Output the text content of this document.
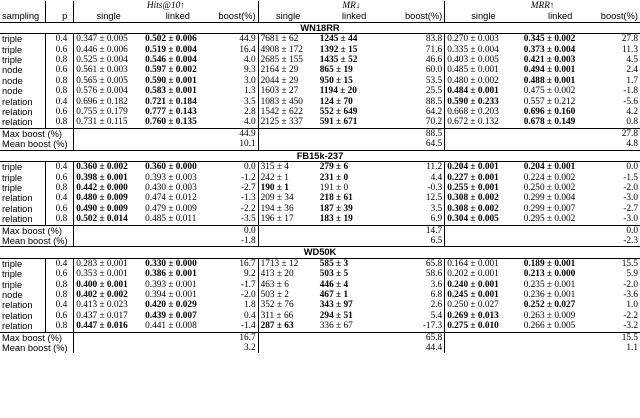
		Hits@10↑			MR↓			MRR↑		
sampling	p	single	linked	boost(%)	single	linked	boost(%)	single	linked	boost(%)
WN18RR										
triple	0.4	0.347 ± 0.005	0.502 ± 0.006	44.9	7681 ± 62	1245 ± 44	83.8	0.270 ± 0.003	0.345 ± 0.002	27.8
triple	0.6	0.446 ± 0.006	0.519 ± 0.004	16.4	4908 ± 172	1392 ± 15	71.6	0.335 ± 0.004	0.373 ± 0.004	11.3
triple	0.8	0.525 ± 0.004	0.546 ± 0.004	4.0	2685 ± 155	1435 ± 52	46.6	0.403 ± 0.005	0.421 ± 0.003	4.5
node	0.6	0.561 ± 0.003	0.597 ± 0.002	9.3	2164 ± 29	865 ± 19	60.0	0.485 ± 0.001	0.494 ± 0.001	2.4
node	0.8	0.565 ± 0.005	0.590 ± 0.001	3.0	2044 ± 29	950 ± 15	53.5	0.480 ± 0.002	0.488 ± 0.001	1.7
node	0.8	0.576 ± 0.004	0.583 ± 0.001	1.3	1603 ± 27	1194 ± 20	25.5	0.484 ± 0.001	0.475 ± 0.002	-1.8
relation	0.4	0.696 ± 0.182	0.721 ± 0.184	3.5	1083 ± 450	124 ± 70	88.5	0.590 ± 0.233	0.557 ± 0.212	-5.6
relation	0.6	0.755 ± 0.179	0.777 ± 0.143	2.8	1542 ± 622	552 ± 649	64.2	0.668 ± 0.203	0.696 ± 0.160	4.2
relation	0.8	0.731 ± 0.115	0.760 ± 0.135	4.0	2125 ± 337	591 ± 671	70.2	0.672 ± 0.132	0.678 ± 0.149	0.8
Max boost (%)				44.9			88.5			27.8
Mean boost (%)				10.1			64.5			4.8
FB15k-237										
triple	0.4	0.360 ± 0.002	0.360 ± 0.000	0.0	315 ± 4	279 ± 6	11.2	0.204 ± 0.001	0.204 ± 0.001	0.0
triple	0.6	0.398 ± 0.001	0.393 ± 0.003	-1.2	242 ± 1	231 ± 0	4.4	0.227 ± 0.001	0.224 ± 0.002	-1.5
triple	0.8	0.442 ± 0.000	0.430 ± 0.003	-2.7	190 ± 1	191 ± 0	-0.3	0.255 ± 0.001	0.250 ± 0.002	-2.0
relation	0.4	0.480 ± 0.009	0.474 ± 0.012	-1.3	209 ± 34	218 ± 61	12.5	0.308 ± 0.002	0.299 ± 0.004	-3.0
relation	0.6	0.490 ± 0.009	0.479 ± 0.009	-2.2	194 ± 36	187 ± 39	3.5	0.308 ± 0.002	0.299 ± 0.007	-2.7
relation	0.8	0.502 ± 0.014	0.485 ± 0.011	-3.5	196 ± 17	183 ± 19	6.9	0.304 ± 0.005	0.295 ± 0.002	-3.0
Max boost (%)				0.0			14.7			0.0
Mean boost (%)				-1.8			6.5			-2.3
WD50K										
triple	0.4	0.283 ± 0.001	0.330 ± 0.000	16.7	1713 ± 12	585 ± 3	65.8	0.164 ± 0.001	0.189 ± 0.001	15.5
triple	0.6	0.353 ± 0.001	0.386 ± 0.001	9.2	413 ± 20	503 ± 5	58.6	0.202 ± 0.001	0.213 ± 0.000	5.9
triple	0.8	0.400 ± 0.001	0.393 ± 0.001	-1.7	463 ± 6	446 ± 4	3.6	0.240 ± 0.001	0.235 ± 0.001	-2.0
node	0.8	0.402 ± 0.002	0.394 ± 0.001	-2.0	503 ± 2	467 ± 1	6.8	0.245 ± 0.001	0.236 ± 0.001	-3.6
relation	0.4	0.413 ± 0.023	0.420 ± 0.029	1.8	352 ± 76	343 ± 97	2.6	0.250 ± 0.027	0.252 ± 0.027	1.0
relation	0.6	0.437 ± 0.017	0.439 ± 0.007	0.4	311 ± 66	294 ± 51	5.4	0.269 ± 0.013	0.263 ± 0.009	-2.2
relation	0.8	0.447 ± 0.016	0.441 ± 0.008	-1.4	287 ± 63	336 ± 67	-17.3	0.275 ± 0.010	0.266 ± 0.005	-3.2
Max boost (%)				16.7			65.8			15.5
Mean boost (%)				3.2			44.4			1.1
